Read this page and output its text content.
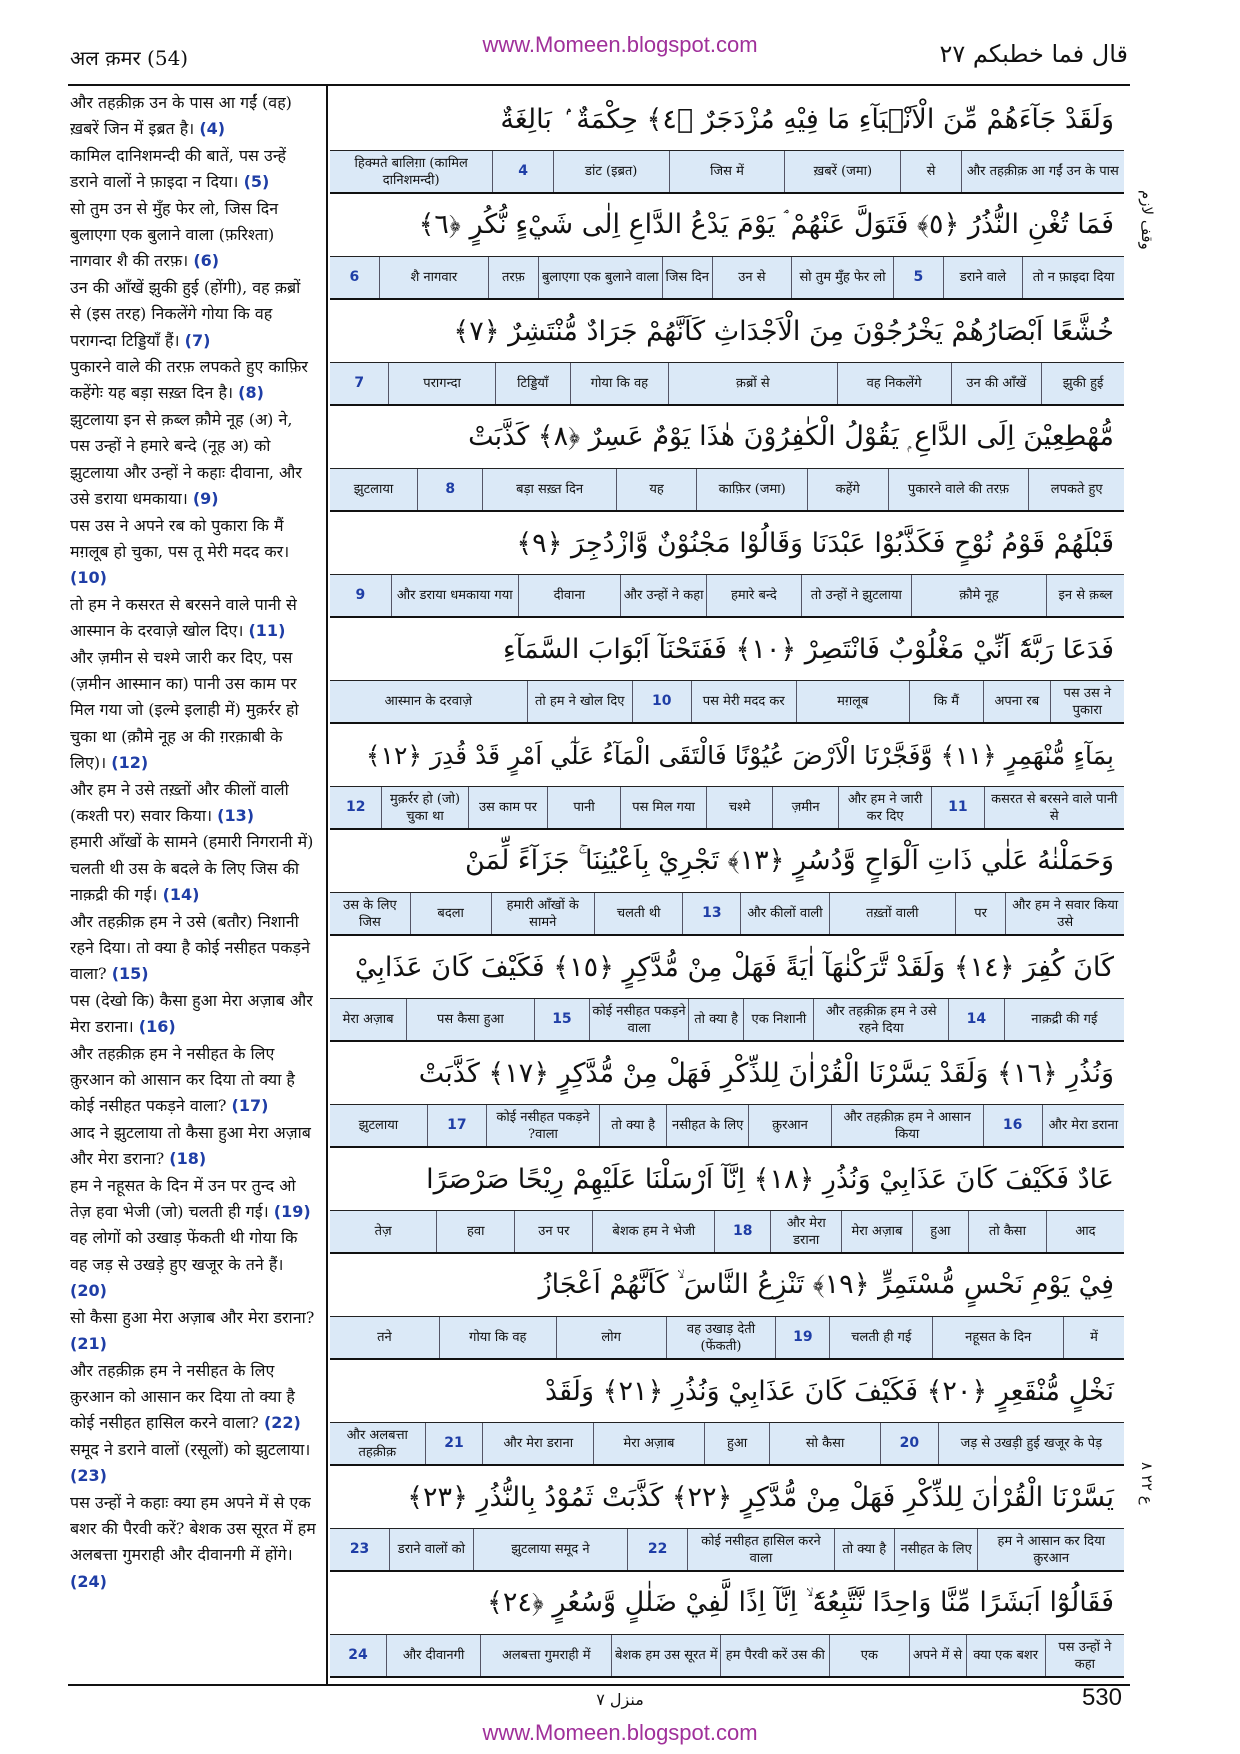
अल क़मर (54)
www.Momeen.blogspot.com	قال فما خطبکم ۲۷

और तहक़ीक़ उन के पास आ गईं (वह) ख़बरें जिन में इब्रत है। (4)

कामिल दानिशमन्दी की बातें, पस उन्हें डराने वालों ने फ़ाइदा न दिया। (5)

सो तुम उन से मुँह फेर लो, जिस दिन बुलाएगा एक बुलाने वाला (फ़रिश्ता) नागवार शै की तरफ़। (6)

उन की आँखें झुकी हुई (होंगी), वह क़ब्रों से (इस तरह) निकलेंगे गोया कि वह परागन्दा टिड्डियाँ हैं। (7)

पुकारने वाले की तरफ़ लपकते हुए काफ़िर कहेंगेः यह बड़ा सख़्त दिन है। (8)

झुटलाया इन से क़ब्ल क़ौमे नूह (अ) ने, पस उन्हों ने हमारे बन्दे (नूह अ) को झुटलाया और उन्हों ने कहाः दीवाना, और उसे डराया धमकाया। (9)

पस उस ने अपने रब को पुकारा कि मैं मग़लूब हो चुका, पस तू मेरी मदद कर। (10)

तो हम ने कसरत से बरसने वाले पानी से आस्मान के दरवाज़े खोल दिए। (11)

और ज़मीन से चश्मे जारी कर दिए, पस (ज़मीन आस्मान का) पानी उस काम पर मिल गया जो (इल्मे इलाही में) मुक़र्रर हो चुका था (क़ौमे नूह अ की ग़रक़ाबी के लिए)। (12)

और हम ने उसे तख़्तों और कीलों वाली (कश्ती पर) सवार किया। (13)

हमारी आँखों के सामने (हमारी निगरानी में) चलती थी उस के बदले के लिए जिस की नाक़द्री की गई। (14)

और तहक़ीक़ हम ने उसे (बतौर) निशानी रहने दिया। तो क्या है कोई नसीहत पकड़ने वाला? (15)

पस (देखो कि) कैसा हुआ मेरा अज़ाब और मेरा डराना। (16)

और तहक़ीक़ हम ने नसीहत के लिए क़ुरआन को आसान कर दिया तो क्या है कोई नसीहत पकड़ने वाला? (17)

आद ने झुटलाया तो कैसा हुआ मेरा अज़ाब और मेरा डराना? (18)

हम ने नहूसत के दिन में उन पर तुन्द ओ तेज़ हवा भेजी (जो) चलती ही गई। (19)

वह लोगों को उखाड़ फेंकती थी गोया कि वह जड़ से उखड़े हुए खजूर के तने हैं। (20)

सो कैसा हुआ मेरा अज़ाब और मेरा डराना? (21)

और तहक़ीक़ हम ने नसीहत के लिए क़ुरआन को आसान कर दिया तो क्या है कोई नसीहत हासिल करने वाला? (22)

समूद ने डराने वालों (रसूलों) को झुटलाया। (23)

पस उन्हों ने कहाः क्या हम अपने में से एक बशर की पैरवी करें? बेशक उस सूरत में हम अलबत्ता गुमराही और दीवानगी में होंगे। (24)

وَلَقَدْ جَآءَهُمْ مِّنَ الْاَنْۢبَآءِ مَا فِيْهِ مُزْدَجَرٌ ﴿٤﴾ حِكْمَةٌ ۢ بَالِغَةٌ
और तहक़ीक़ आ गईं उन के पास
से
ख़बरें (जमा)
जिस में
डांट (इब्रत)
4
हिक्मते बालिग़ा (कामिल दानिशमन्दी)
فَمَا تُغْنِ النُّذُرُ ﴿٥﴾ فَتَوَلَّ عَنْهُمْ ۘ يَوْمَ يَدْعُ الدَّاعِ اِلٰى شَيْءٍ نُّكُرٍ ﴿٦﴾
तो न फ़ाइदा दिया
डराने वाले
5
सो तुम मुँह फेर लो
उन से
जिस दिन
बुलाएगा एक बुलाने वाला
तरफ़
शै नागवार
6
خُشَّعًا اَبْصَارُهُمْ يَخْرُجُوْنَ مِنَ الْاَجْدَاثِ كَاَنَّهُمْ جَرَادٌ مُّنْتَشِرٌ ﴿٧﴾
झुकी हुई
उन की आँखें
वह निकलेंगे
क़ब्रों से
गोया कि वह
टिड्डियाँ
परागन्दा
7
مُّهْطِعِيْنَ اِلَى الدَّاعِ ۭ يَقُوْلُ الْكٰفِرُوْنَ هٰذَا يَوْمٌ عَسِرٌ ﴿٨﴾ كَذَّبَتْ
लपकते हुए
पुकारने वाले की तरफ़
कहेंगे
काफ़िर (जमा)
यह
बड़ा सख़्त दिन
8
झुटलाया
قَبْلَهُمْ قَوْمُ نُوْحٍ فَكَذَّبُوْا عَبْدَنَا وَقَالُوْا مَجْنُوْنٌ وَّازْدُجِرَ ﴿٩﴾
इन से क़ब्ल
क़ौमे नूह
तो उन्हों ने झुटलाया
हमारे बन्दे
और उन्हों ने कहा
दीवाना
और डराया धमकाया गया
9
فَدَعَا رَبَّهٗٓ اَنِّيْ مَغْلُوْبٌ فَانْتَصِرْ ﴿١٠﴾ فَفَتَحْنَآ اَبْوَابَ السَّمَآءِ
पस उस ने पुकारा
अपना रब
कि मैं
मग़लूब
पस मेरी मदद कर
10
तो हम ने खोल दिए
आस्मान के दरवाज़े
بِمَآءٍ مُّنْهَمِرٍ ﴿١١﴾ وَّفَجَّرْنَا الْاَرْضَ عُيُوْنًا فَالْتَقَى الْمَآءُ عَلٰٓي اَمْرٍ قَدْ قُدِرَ ﴿١٢﴾
कसरत से बरसने वाले पानी से
11
और हम ने जारी कर दिए
ज़मीन
चश्मे
पस मिल गया
पानी
उस काम पर
(जो) मुक़र्रर हो चुका था
12
وَحَمَلْنٰهُ عَلٰي ذَاتِ اَلْوَاحٍ وَّدُسُرٍ ﴿١٣﴾ تَجْرِيْ بِاَعْيُنِنَا ۚ جَزَآءً لِّمَنْ
और हम ने सवार किया उसे
पर
तख़्तों वाली
और कीलों वाली
13
चलती थी
हमारी आँखों के सामने
बदला
उस के लिए जिस
كَانَ كُفِرَ ﴿١٤﴾ وَلَقَدْ تَّرَكْنٰهَآ اٰيَةً فَهَلْ مِنْ مُّدَّكِرٍ ﴿١٥﴾ فَكَيْفَ كَانَ عَذَابِيْ
नाक़द्री की गई
14
और तहक़ीक़ हम ने उसे रहने दिया
एक निशानी
तो क्या है
कोई नसीहत पकड़ने वाला
15
पस कैसा हुआ
मेरा अज़ाब
وَنُذُرِ ﴿١٦﴾ وَلَقَدْ يَسَّرْنَا الْقُرْاٰنَ لِلذِّكْرِ فَهَلْ مِنْ مُّدَّكِرٍ ﴿١٧﴾ كَذَّبَتْ
और मेरा डराना
16
और तहक़ीक़ हम ने आसान किया
क़ुरआन
नसीहत के लिए
तो क्या है
कोई नसीहत पकड़ने वाला?
17
झुटलाया
عَادٌ فَكَيْفَ كَانَ عَذَابِيْ وَنُذُرِ ﴿١٨﴾ اِنَّآ اَرْسَلْنَا عَلَيْهِمْ رِيْحًا صَرْصَرًا
आद
तो कैसा
हुआ
मेरा अज़ाब
और मेरा डराना
18
बेशक हम ने भेजी
उन पर
हवा
तेज़
فِيْ يَوْمِ نَحْسٍ مُّسْتَمِرٍّ ﴿١٩﴾ تَنْزِعُ النَّاسَ ۙ كَاَنَّهُمْ اَعْجَازُ
में
नहूसत के दिन
चलती ही गई
19
वह उखाड़ देती (फेंकती)
लोग
गोया कि वह
तने
نَخْلٍ مُّنْقَعِرٍ ﴿٢٠﴾ فَكَيْفَ كَانَ عَذَابِيْ وَنُذُرِ ﴿٢١﴾ وَلَقَدْ
जड़ से उखड़ी हुई खजूर के पेड़
20
सो कैसा
हुआ
मेरा अज़ाब
और मेरा डराना
21
और अलबत्ता तहक़ीक़
يَسَّرْنَا الْقُرْاٰنَ لِلذِّكْرِ فَهَلْ مِنْ مُّدَّكِرٍ ﴿٢٢﴾ كَذَّبَتْ ثَمُوْدُ بِالنُّذُرِ ﴿٢٣﴾
हम ने आसान कर दिया क़ुरआन
नसीहत के लिए
तो क्या है
कोई नसीहत हासिल करने वाला
22
झुटलाया समूद ने
डराने वालों को
23
فَقَالُوْٓا اَبَشَرًا مِّنَّا وَاحِدًا نَّتَّبِعُهٗٓ ۙ اِنَّآ اِذًا لَّفِيْ ضَلٰلٍ وَّسُعُرٍ ﴿٢٤﴾
पस उन्हों ने कहा
क्या एक बशर
अपने में से
एक
हम पैरवी करें उस की
बेशक हम उस सूरत में
अलबत्ता गुमराही में
और दीवानगी
24
وقف لازم
ع ۲۲ ۸
منزل ۷	530
www.Momeen.blogspot.com
